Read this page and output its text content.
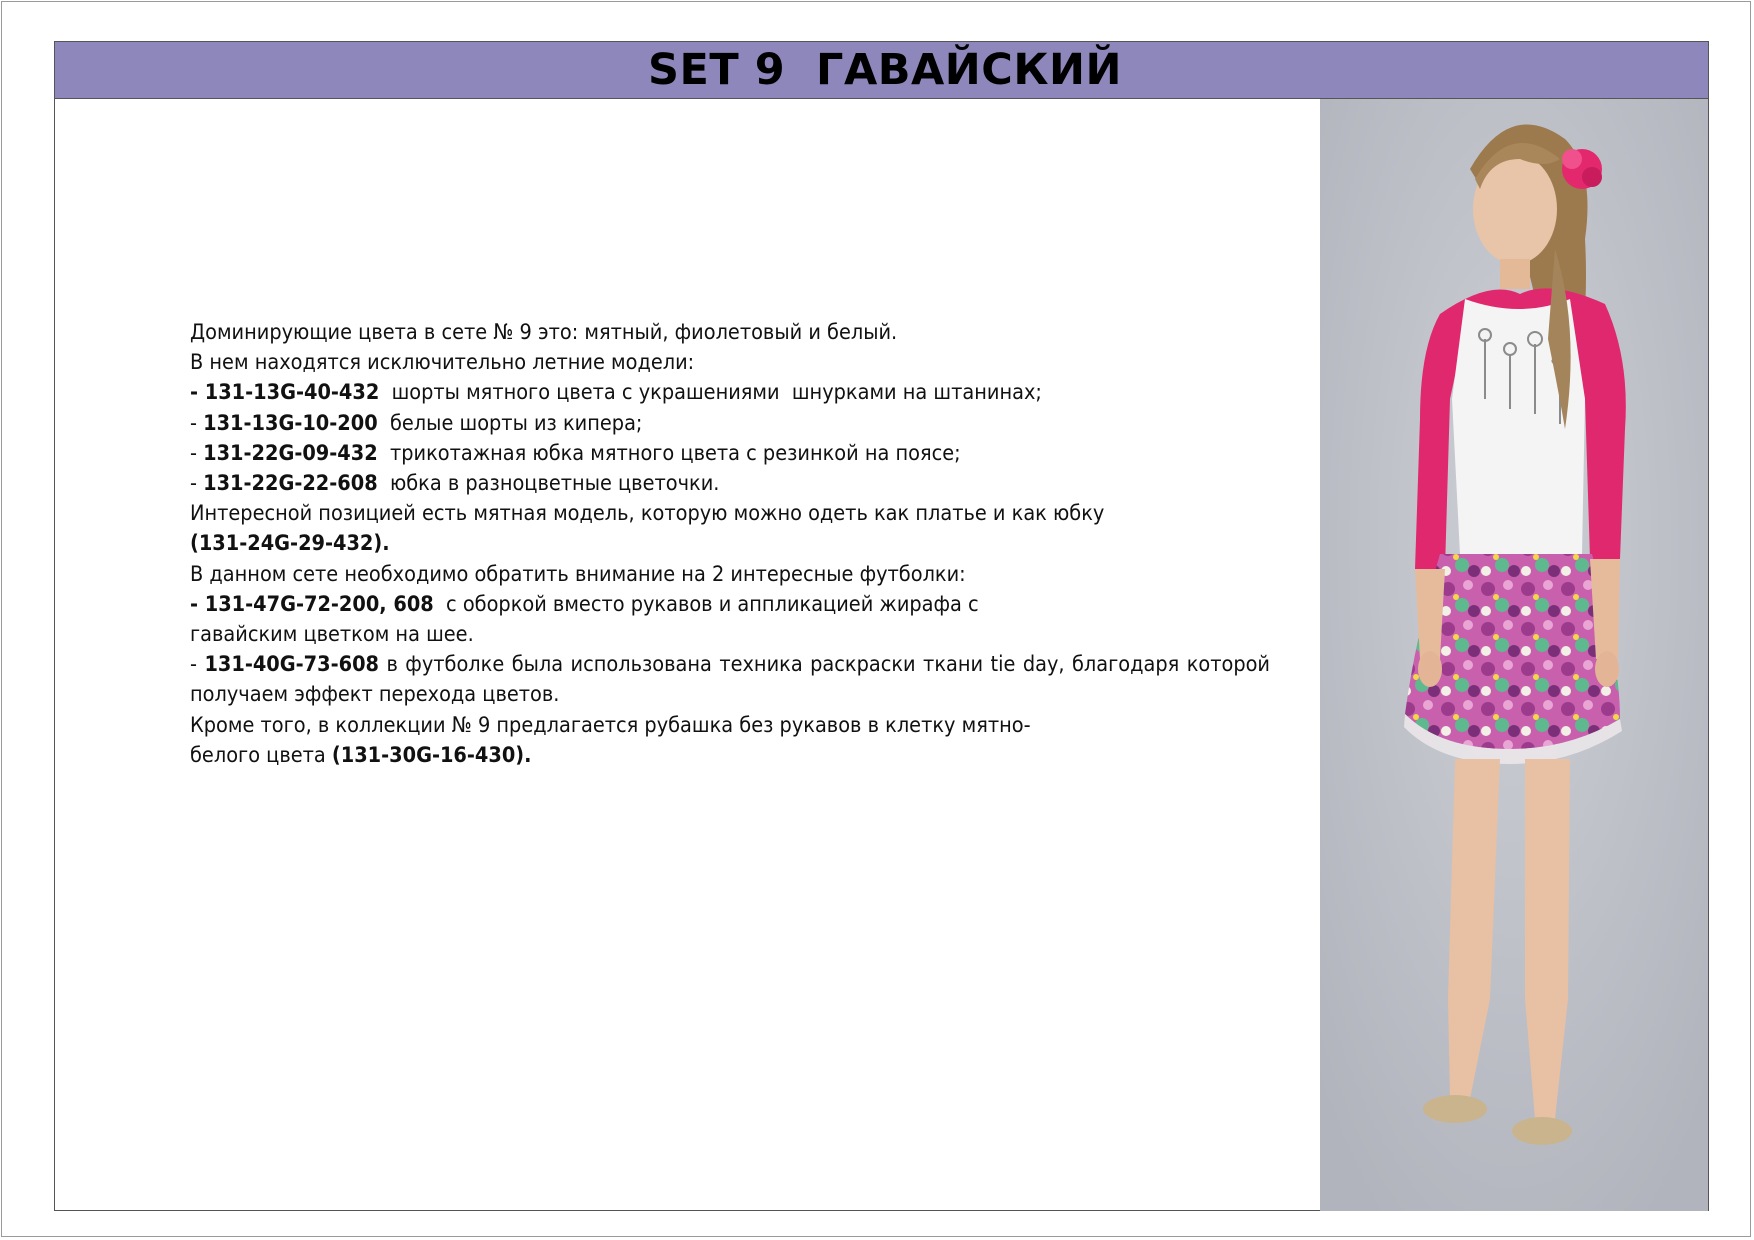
SET 9  ГАВАЙСКИЙ
Доминирующие цвета в сете № 9 это: мятный, фиолетовый и белый.
В нем находятся исключительно летние модели:
- 131-13G-40-432  шорты мятного цвета с украшениями  шнурками на штанинах;
- 131-13G-10-200  белые шорты из кипера;
- 131-22G-09-432  трикотажная юбка мятного цвета с резинкой на поясе;
- 131-22G-22-608  юбка в разноцветные цветочки.
Интересной позицией есть мятная модель, которую можно одеть как платье и как юбку
(131-24G-29-432).
В данном сете необходимо обратить внимание на 2 интересные футболки:
- 131-47G-72-200, 608  с оборкой вместо рукавов и аппликацией жирафа с
гавайским цветком на шее.
- 131-40G-73-608 в футболке была использована техника раскраски ткани tie day, благодаря которой получаем эффект перехода цветов.
Кроме того, в коллекции № 9 предлагается рубашка без рукавов в клетку мятно-
белого цвета (131-30G-16-430).
